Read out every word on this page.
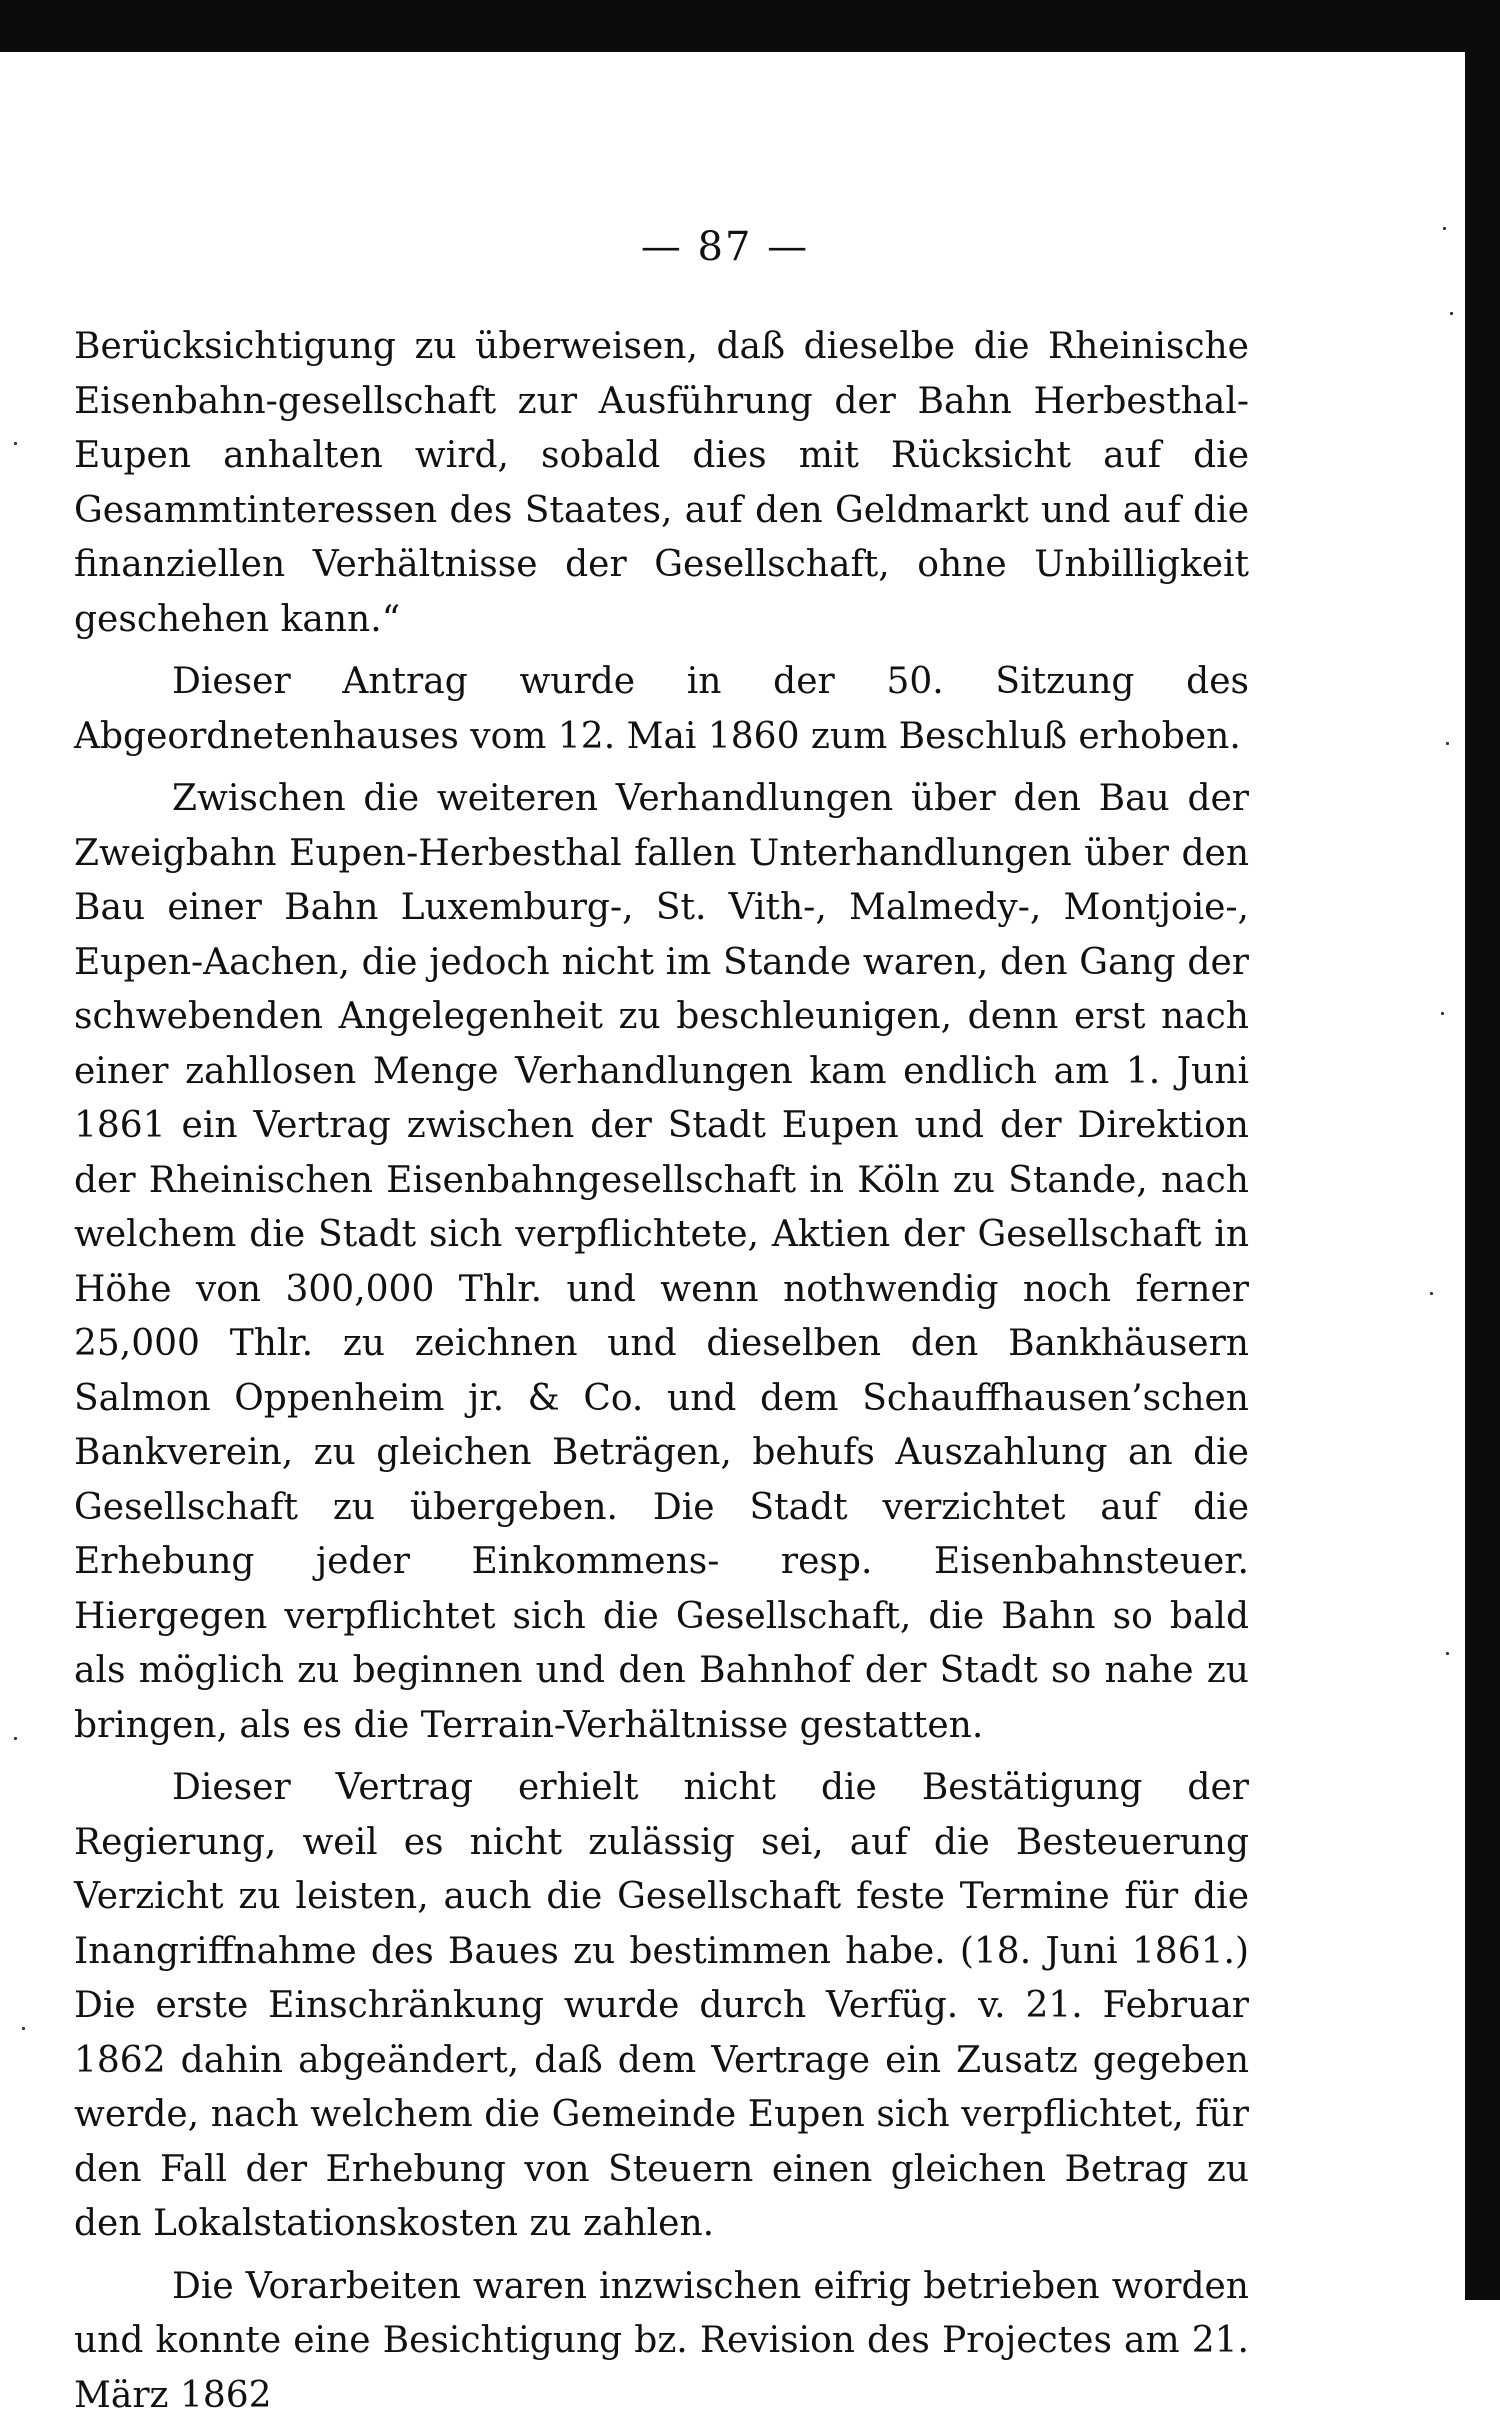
— 87 —

Berücksichtigung zu überweisen, daß dieselbe die Rheinische Eisenbahn-gesellschaft zur Ausführung der Bahn Herbesthal-Eupen anhalten wird, sobald dies mit Rücksicht auf die Gesammtinteressen des Staates, auf den Geldmarkt und auf die finanziellen Verhältnisse der Gesellschaft, ohne Unbilligkeit geschehen kann.“

Dieser Antrag wurde in der 50. Sitzung des Abgeordnetenhauses vom 12. Mai 1860 zum Beschluß erhoben.

Zwischen die weiteren Verhandlungen über den Bau der Zweigbahn Eupen-Herbesthal fallen Unterhandlungen über den Bau einer Bahn Luxemburg-, St. Vith-, Malmedy-, Montjoie-, Eupen-Aachen, die jedoch nicht im Stande waren, den Gang der schwebenden Angelegenheit zu beschleunigen, denn erst nach einer zahllosen Menge Verhandlungen kam endlich am 1. Juni 1861 ein Vertrag zwischen der Stadt Eupen und der Direktion der Rheinischen Eisenbahngesellschaft in Köln zu Stande, nach welchem die Stadt sich verpflichtete, Aktien der Gesellschaft in Höhe von 300,000 Thlr. und wenn nothwendig noch ferner 25,000 Thlr. zu zeichnen und dieselben den Bankhäusern Salmon Oppenheim jr. & Co. und dem Schauffhausen’schen Bankverein, zu gleichen Beträgen, behufs Auszahlung an die Gesellschaft zu übergeben. Die Stadt verzichtet auf die Erhebung jeder Einkommens- resp. Eisenbahnsteuer. Hiergegen verpflichtet sich die Gesellschaft, die Bahn so bald als möglich zu beginnen und den Bahnhof der Stadt so nahe zu bringen, als es die Terrain-Verhältnisse gestatten.

Dieser Vertrag erhielt nicht die Bestätigung der Regierung, weil es nicht zulässig sei, auf die Besteuerung Verzicht zu leisten, auch die Gesellschaft feste Termine für die Inangriffnahme des Baues zu bestimmen habe. (18. Juni 1861.) Die erste Einschränkung wurde durch Verfüg. v. 21. Februar 1862 dahin abgeändert, daß dem Vertrage ein Zusatz gegeben werde, nach welchem die Gemeinde Eupen sich verpflichtet, für den Fall der Erhebung von Steuern einen gleichen Betrag zu den Lokalstationskosten zu zahlen.

Die Vorarbeiten waren inzwischen eifrig betrieben worden und konnte eine Besichtigung bz. Revision des Projectes am 21. März 1862
